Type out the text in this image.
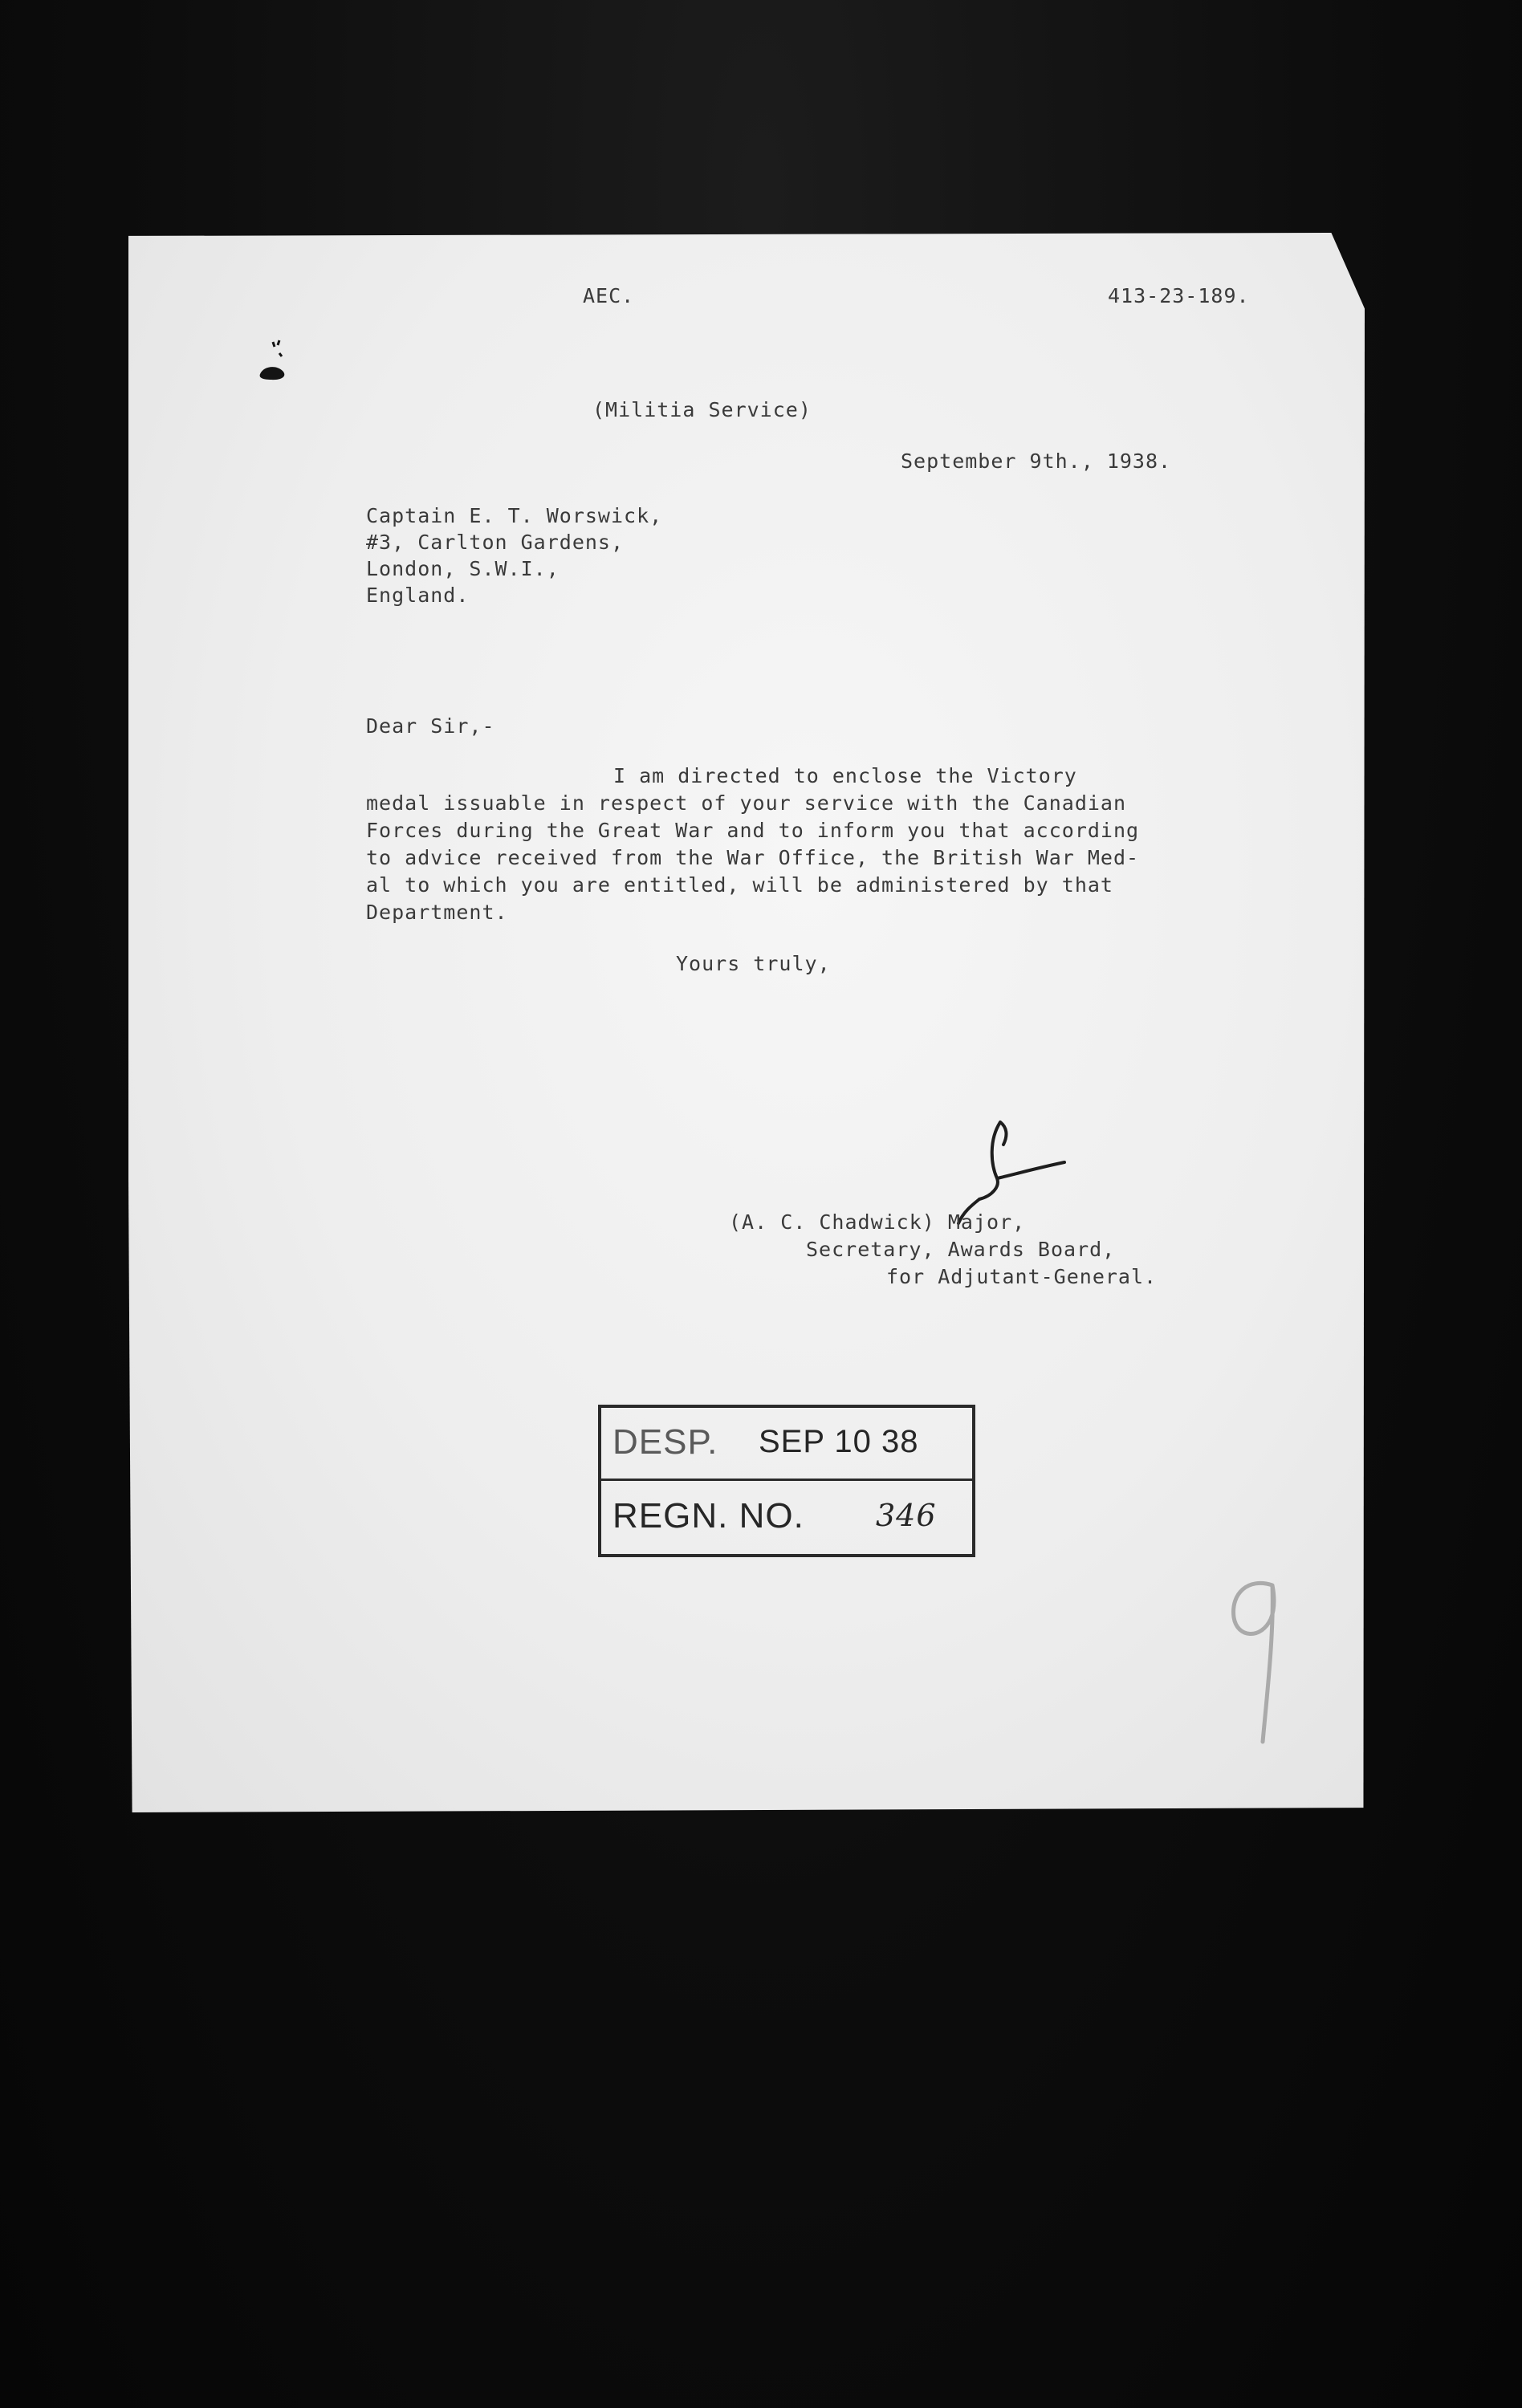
AEC.	413-23-189.
(Militia Service)
September 9th., 1938.
Captain E. T. Worswick,
#3, Carlton Gardens,
London, S.W.I.,
England.
Dear Sir,-
I am directed to enclose the Victory
medal issuable in respect of your service with the Canadian
Forces during the Great War and to inform you that according
to advice received from the War Office, the British War Med-
al to which you are entitled, will be administered by that
Department.
Yours truly,
(A. C. Chadwick) Major,
Secretary, Awards Board,
for Adjutant-General.
DESP. SEP 10 38
REGN. NO. 346
